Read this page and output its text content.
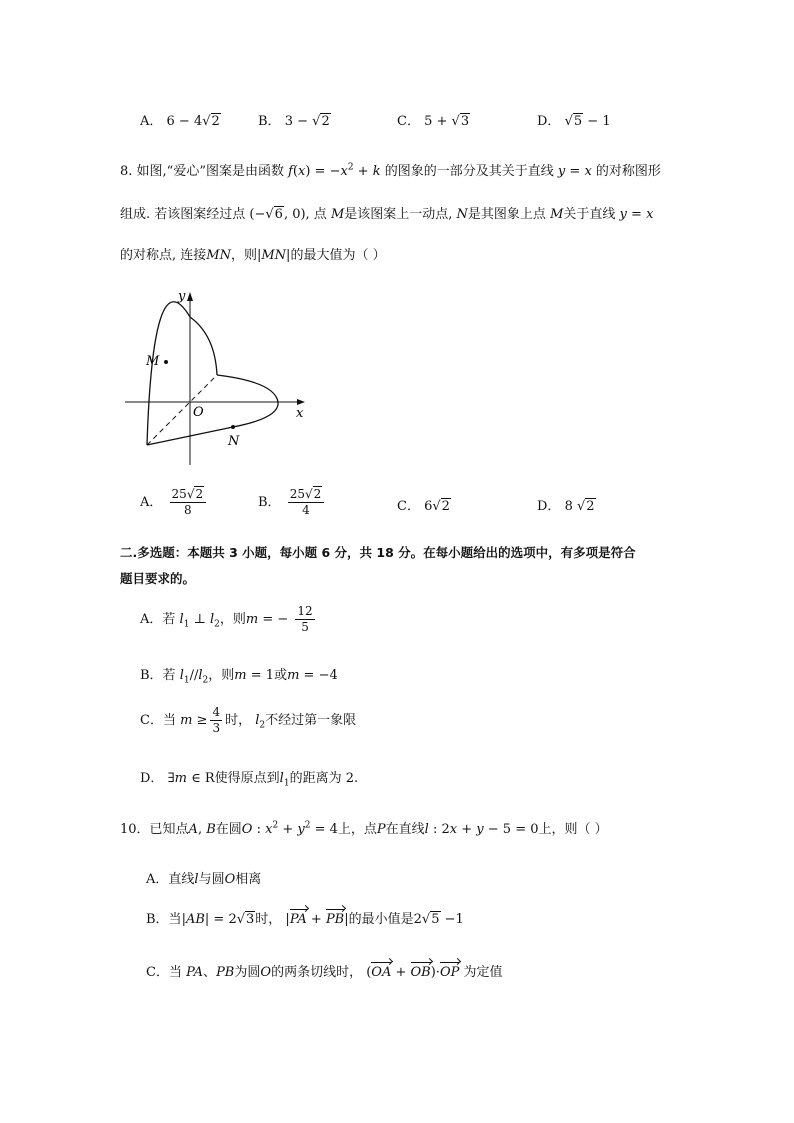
A． 6 − 4√2	B． 3 − √2	C． 5 + √3	D． √5 − 1
8. 如图,“爱心”图案是由函数 $f(x) = -x^2 + k$ 的图象的一部分及其关于直线 y = x 的对称图形
组成. 若该图案经过点 (−√6, 0), 点 M是该图案上一动点, N是其图象上点 M关于直线 y = x
的对称点, 连接MN，则|MN|的最大值为（ ）
y
x
O
M
N
A． $\frac{25√2}{8}$	B． $\frac{25√2}{4}$	C． 6√2	D． 8 √2
二.多选题：本题共 3 小题，每小题 6 分，共 18 分。在每小题给出的选项中，有多项是符合
题目要求的。
A．若 $l_1$ ⊥ $l_2$，则m = − $\frac{12}{5}$
B．若 $l_1//l_2$，则m = 1或m = −4
C．当 $m \ge \frac{4}{3}$ 时， $l_2$不经过第一象限
D． ∃m ∈ R使得原点到$l_1$的距离为 2.
10．已知点A, B在圆O : $x^2 + y^2 = 4$上，点P在直线l : 2x + y − 5 = 0上，则（ ）
A．直线l与圆O相离
B．当|AB| = 2√3时， |PA + PB|的最小值是2√5 −1
C．当 PA、PB为圆O的两条切线时， (OA + OB)·OP 为定值
